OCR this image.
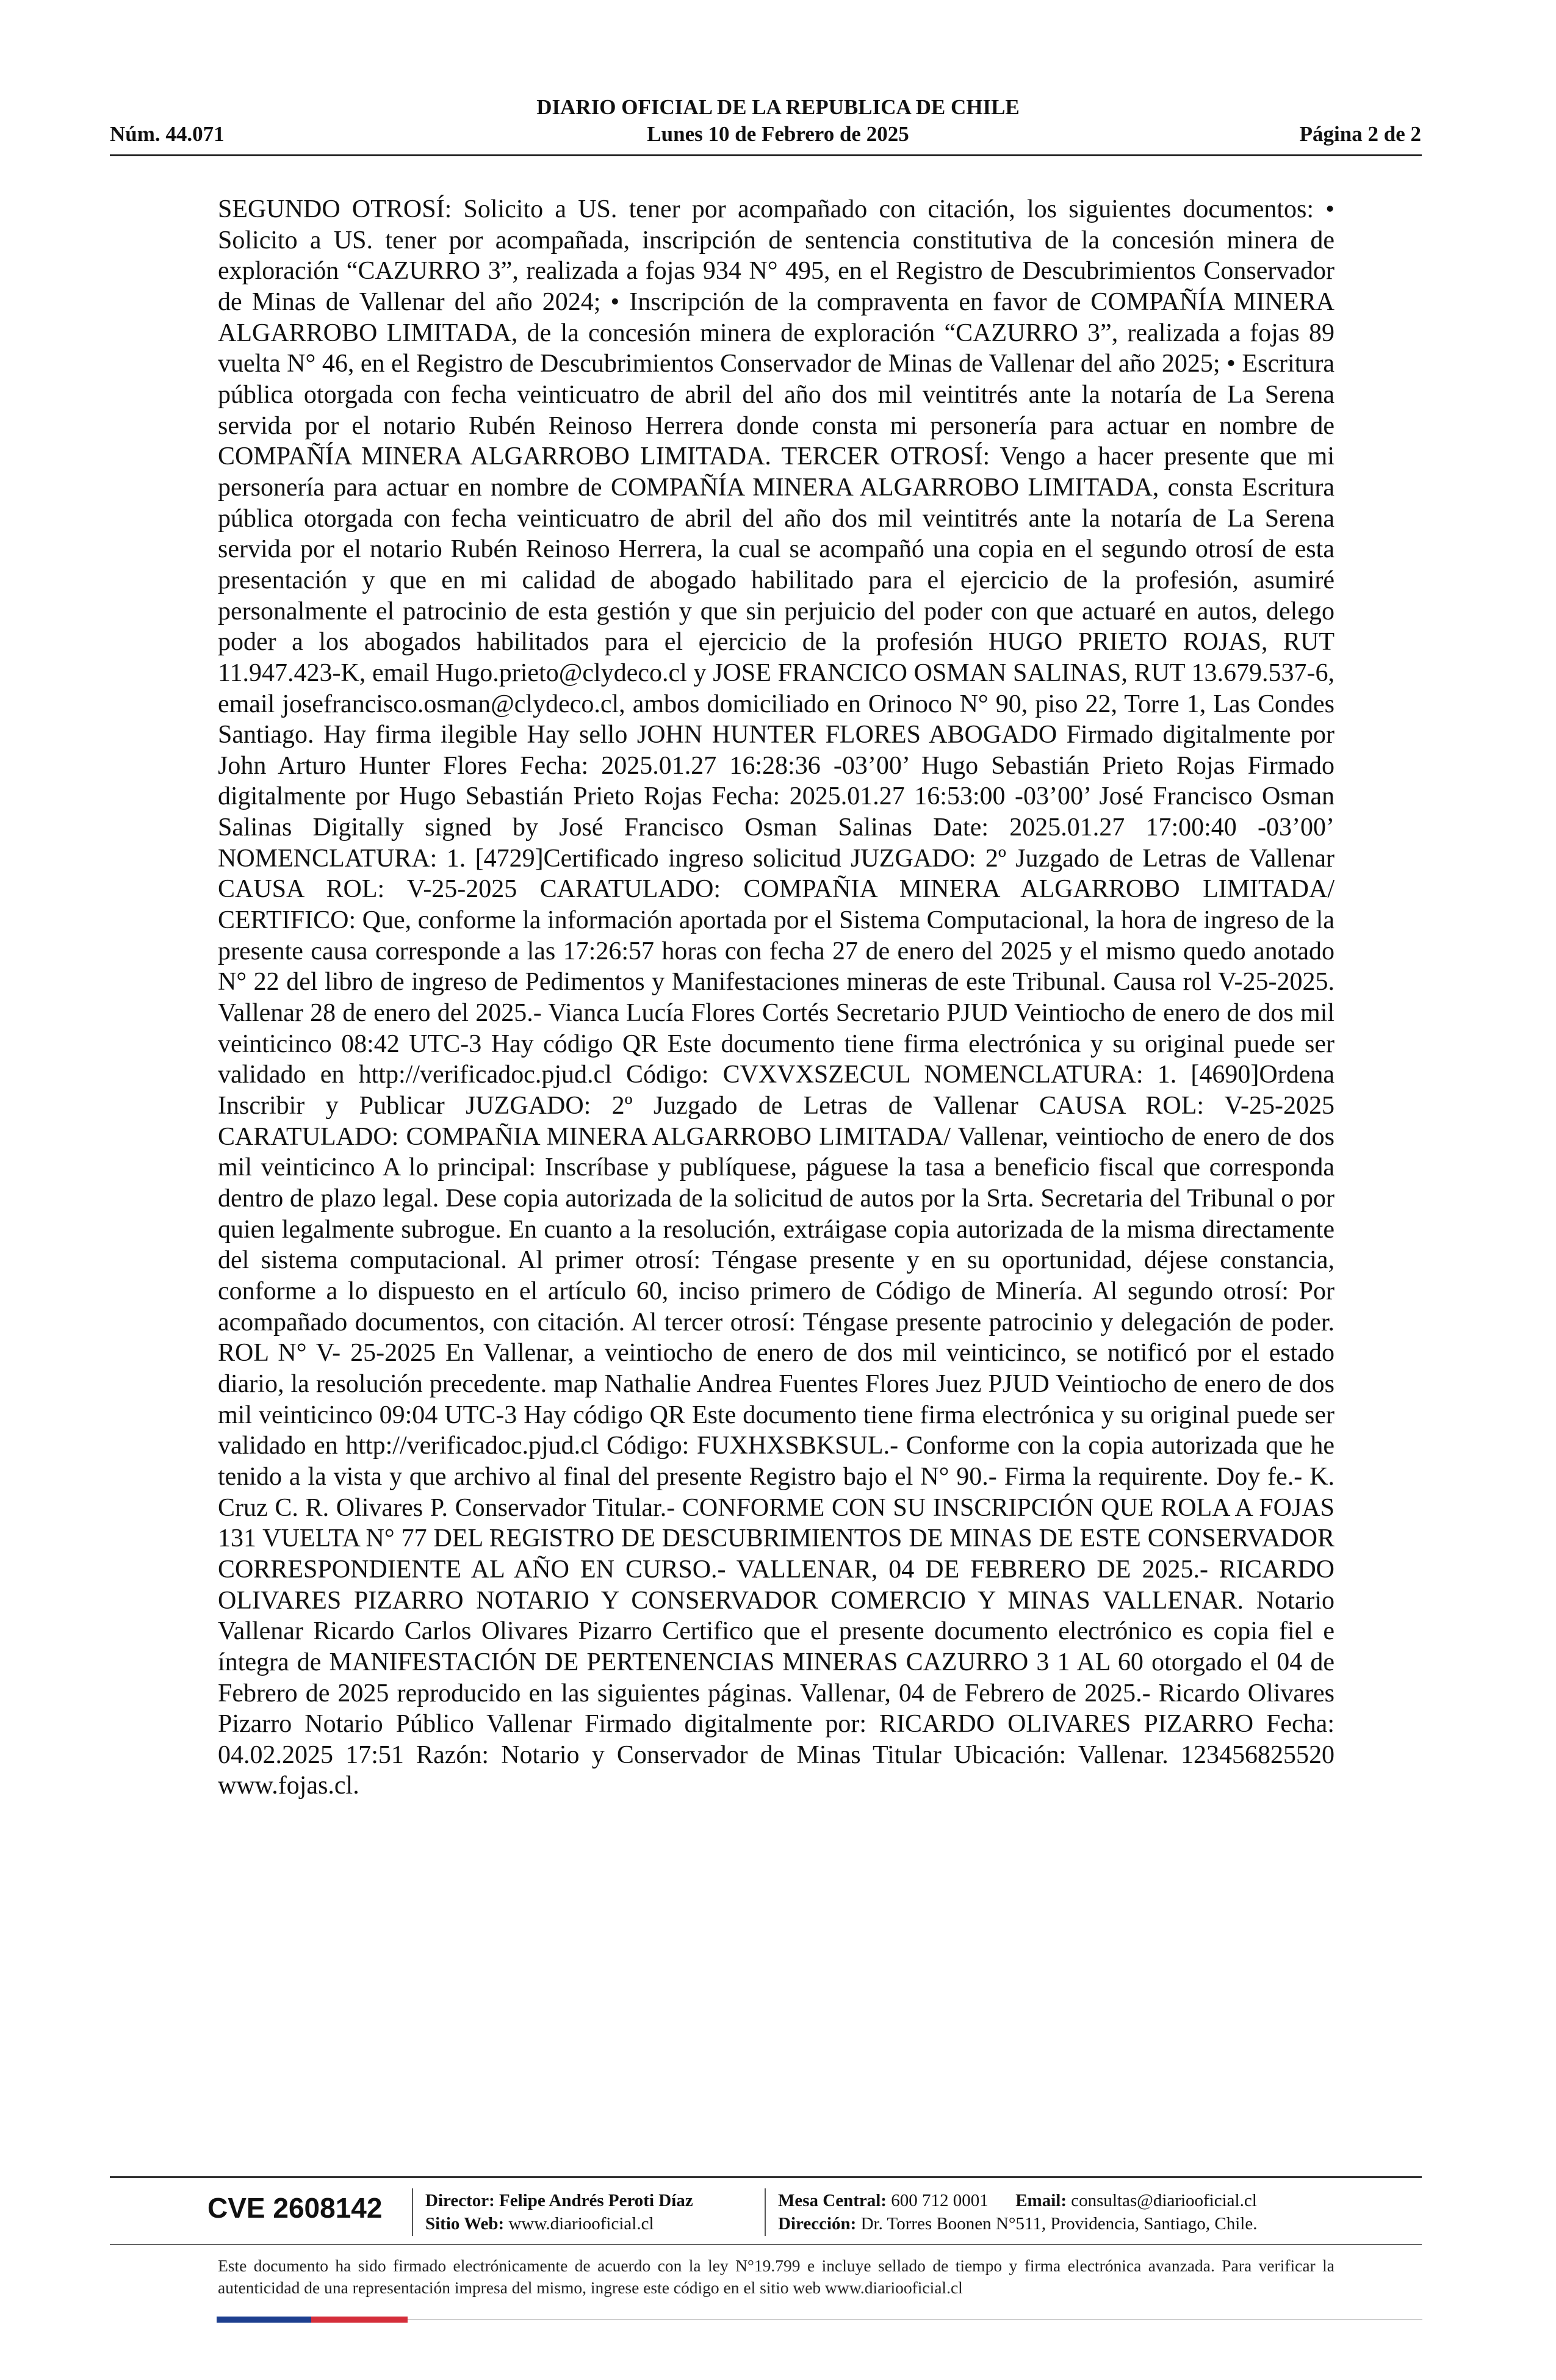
DIARIO OFICIAL DE LA REPUBLICA DE CHILE
Núm. 44.071	Lunes 10 de Febrero de 2025	Página 2 de 2

SEGUNDO OTROSÍ: Solicito a US. tener por acompañado con citación, los siguientes documentos: • Solicito a US. tener por acompañada, inscripción de sentencia constitutiva de la concesión minera de exploración “CAZURRO 3”, realizada a fojas 934 N° 495, en el Registro de Descubrimientos Conservador de Minas de Vallenar del año 2024; • Inscripción de la compraventa en favor de COMPAÑÍA MINERA ALGARROBO LIMITADA, de la concesión minera de exploración “CAZURRO 3”, realizada a fojas 89 vuelta N° 46, en el Registro de Descubrimientos Conservador de Minas de Vallenar del año 2025; • Escritura pública otorgada con fecha veinticuatro de abril del año dos mil veintitrés ante la notaría de La Serena servida por el notario Rubén Reinoso Herrera donde consta mi personería para actuar en nombre de COMPAÑÍA MINERA ALGARROBO LIMITADA. TERCER OTROSÍ: Vengo a hacer presente que mi personería para actuar en nombre de COMPAÑÍA MINERA ALGARROBO LIMITADA, consta Escritura pública otorgada con fecha veinticuatro de abril del año dos mil veintitrés ante la notaría de La Serena servida por el notario Rubén Reinoso Herrera, la cual se acompañó una copia en el segundo otrosí de esta presentación y que en mi calidad de abogado habilitado para el ejercicio de la profesión, asumiré personalmente el patrocinio de esta gestión y que sin perjuicio del poder con que actuaré en autos, delego poder a los abogados habilitados para el ejercicio de la profesión HUGO PRIETO ROJAS, RUT 11.947.423-K, email Hugo.prieto@clydeco.cl y JOSE FRANCICO OSMAN SALINAS, RUT 13.679.537-6, email josefrancisco.osman@clydeco.cl, ambos domiciliado en Orinoco N° 90, piso 22, Torre 1, Las Condes Santiago. Hay firma ilegible Hay sello JOHN HUNTER FLORES ABOGADO Firmado digitalmente por John Arturo Hunter Flores Fecha: 2025.01.27 16:28:36 -03’00’ Hugo Sebastián Prieto Rojas Firmado digitalmente por Hugo Sebastián Prieto Rojas Fecha: 2025.01.27 16:53:00 -03’00’ José Francisco Osman Salinas Digitally signed by José Francisco Osman Salinas Date: 2025.01.27 17:00:40 -03’00’ NOMENCLATURA: 1. [4729]Certificado ingreso solicitud JUZGADO: 2º Juzgado de Letras de Vallenar CAUSA ROL: V-25-2025 CARATULADO: COMPAÑIA MINERA ALGARROBO LIMITADA/ CERTIFICO: Que, conforme la información aportada por el Sistema Computacional, la hora de ingreso de la presente causa corresponde a las 17:26:57 horas con fecha 27 de enero del 2025 y el mismo quedo anotado N° 22 del libro de ingreso de Pedimentos y Manifestaciones mineras de este Tribunal. Causa rol V-25-2025. Vallenar 28 de enero del 2025.- Vianca Lucía Flores Cortés Secretario PJUD Veintiocho de enero de dos mil veinticinco 08:42 UTC-3 Hay código QR Este documento tiene firma electrónica y su original puede ser validado en http://verificadoc.pjud.cl Código: CVXVXSZECUL NOMENCLATURA: 1. [4690]Ordena Inscribir y Publicar JUZGADO: 2º Juzgado de Letras de Vallenar CAUSA ROL: V-25-2025 CARATULADO: COMPAÑIA MINERA ALGARROBO LIMITADA/ Vallenar, veintiocho de enero de dos mil veinticinco A lo principal: Inscríbase y publíquese, páguese la tasa a beneficio fiscal que corresponda dentro de plazo legal. Dese copia autorizada de la solicitud de autos por la Srta. Secretaria del Tribunal o por quien legalmente subrogue. En cuanto a la resolución, extráigase copia autorizada de la misma directamente del sistema computacional. Al primer otrosí: Téngase presente y en su oportunidad, déjese constancia, conforme a lo dispuesto en el artículo 60, inciso primero de Código de Minería. Al segundo otrosí: Por acompañado documentos, con citación. Al tercer otrosí: Téngase presente patrocinio y delegación de poder. ROL N° V- 25-2025 En Vallenar, a veintiocho de enero de dos mil veinticinco, se notificó por el estado diario, la resolución precedente. map Nathalie Andrea Fuentes Flores Juez PJUD Veintiocho de enero de dos mil veinticinco 09:04 UTC-3 Hay código QR Este documento tiene firma electrónica y su original puede ser validado en http://verificadoc.pjud.cl Código: FUXHXSBKSUL.- Conforme con la copia autorizada que he tenido a la vista y que archivo al final del presente Registro bajo el N° 90.- Firma la requirente. Doy fe.- K. Cruz C. R. Olivares P. Conservador Titular.- CONFORME CON SU INSCRIPCIÓN QUE ROLA A FOJAS 131 VUELTA N° 77 DEL REGISTRO DE DESCUBRIMIENTOS DE MINAS DE ESTE CONSERVADOR CORRESPONDIENTE AL AÑO EN CURSO.- VALLENAR, 04 DE FEBRERO DE 2025.- RICARDO OLIVARES PIZARRO NOTARIO Y CONSERVADOR COMERCIO Y MINAS VALLENAR. Notario Vallenar Ricardo Carlos Olivares Pizarro Certifico que el presente documento electrónico es copia fiel e íntegra de MANIFESTACIÓN DE PERTENENCIAS MINERAS CAZURRO 3 1 AL 60 otorgado el 04 de Febrero de 2025 reproducido en las siguientes páginas. Vallenar, 04 de Febrero de 2025.- Ricardo Olivares Pizarro Notario Público Vallenar Firmado digitalmente por: RICARDO OLIVARES PIZARRO Fecha: 04.02.2025 17:51 Razón: Notario y Conservador de Minas Titular Ubicación: Vallenar. 123456825520 www.fojas.cl.

CVE 2608142 Director: Felipe Andrés Peroti Díaz
Sitio Web: www.diariooficial.cl
Mesa Central: 600 712 0001 Email: consultas@diariooficial.cl
Dirección: Dr. Torres Boonen N°511, Providencia, Santiago, Chile.
Este documento ha sido firmado electrónicamente de acuerdo con la ley N°19.799 e incluye sellado de tiempo y firma electrónica avanzada. Para verificar la autenticidad de una representación impresa del mismo, ingrese este código en el sitio web www.diariooficial.cl
